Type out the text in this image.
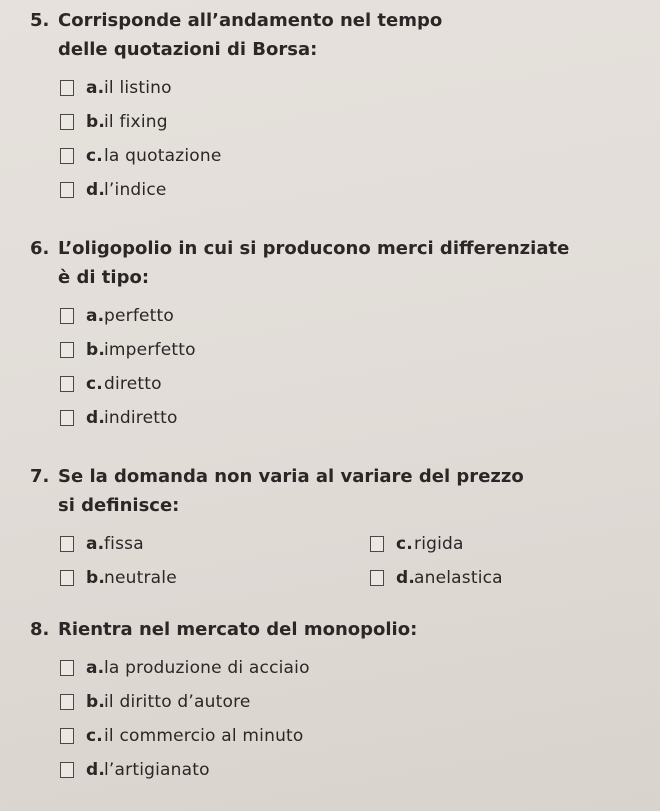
5. Corrisponde all’andamento nel tempo
delle quotazioni di Borsa:
a. il listino
b.
il fixing
c. la quotazione
d.
l’indice
6. L’oligopolio in cui si producono merci differenziate
è di tipo:
a. perfetto
b.
imperfetto
c. diretto
d.
indiretto
7. Se la domanda non varia al variare del prezzo
si definisce:
a. fissa	c. rigida
b.
neutrale	d.
anelastica
8. Rientra nel mercato del monopolio:
a. la produzione di acciaio
b.
il diritto d’autore
c. il commercio al minuto
d.
l’artigianato
